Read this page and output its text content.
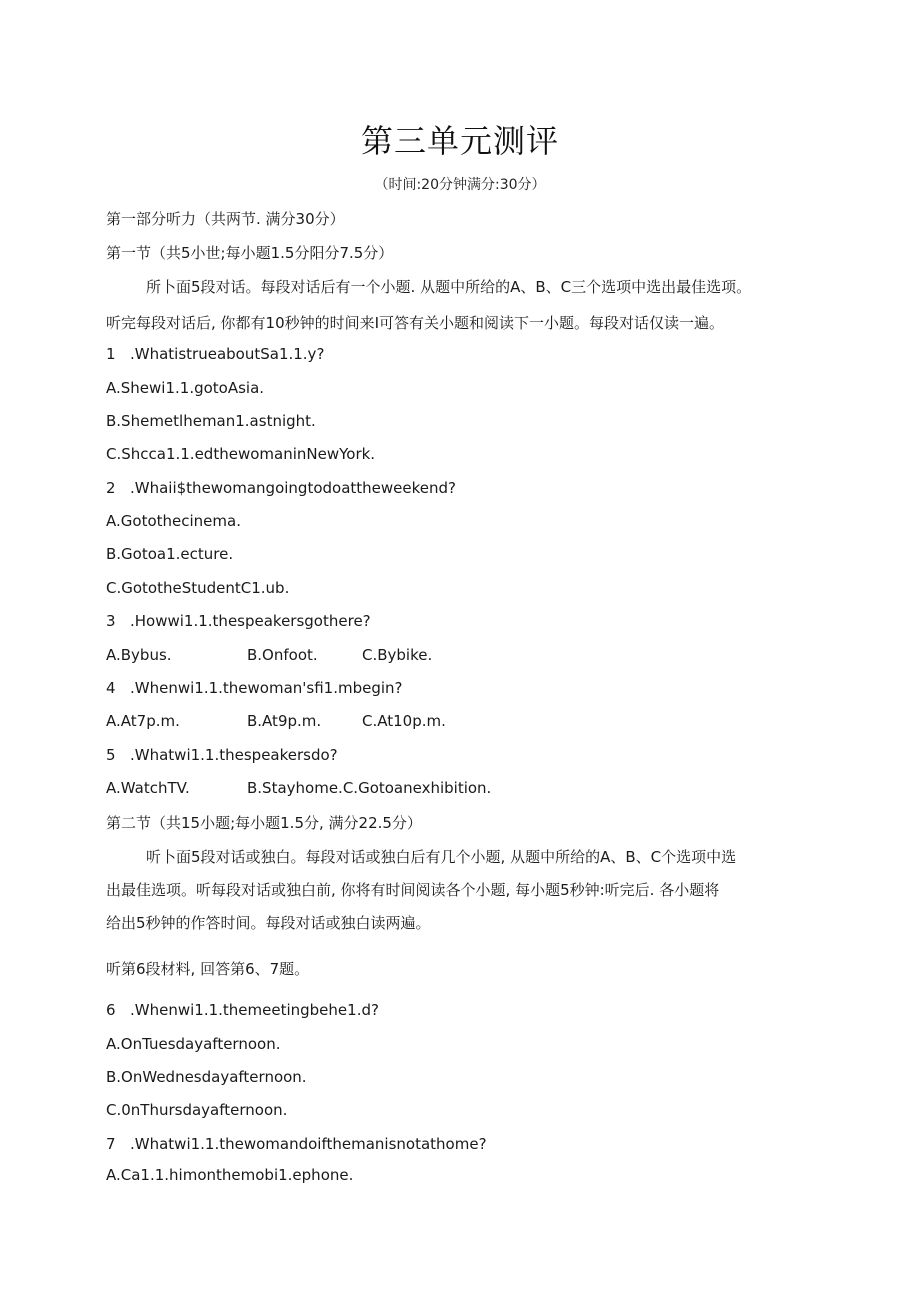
第三单元测评
（时间:20分钟满分:30分）
第一部分听力（共两节. 满分30分）
第一节（共5小世;每小题1.5分阳分7.5分）
所卜面5段对话。每段对话后有一个小题. 从题中所给的A、B、C三个选项中选出最佳选项。
听完每段对话后, 你都有10秒钟的时间来I可答有关小题和阅读下一小题。每段对话仅读一遍。
1 .WhatistrueaboutSa1.1.y?
A.Shewi1.1.gotoAsia.
B.Shemetlheman1.astnight.
C.Shcca1.1.edthewomaninNewYork.
2 .Whaii$thewomangoingtodoattheweekend?
A.Gotothecinema.
B.Gotoa1.ecture.
C.GototheStudentC1.ub.
3 .Howwi1.1.thespeakersgothere?
A.Bybus.	B.Onfoot.	C.Bybike.
4 .Whenwi1.1.thewoman'sfi1.mbegin?
A.At7p.m.	B.At9p.m.	C.At10p.m.
5 .Whatwi1.1.thespeakersdo?
A.WatchTV.	B.Stayhome.C.Gotoanexhibition.
第二节（共15小题;每小题1.5分, 满分22.5分）
听卜面5段对话或独白。每段对话或独白后有几个小题, 从题中所给的A、B、C个选项中选
出最佳选项。听每段对话或独白前, 你将有时间阅读各个小题, 每小题5秒钟:听完后. 各小题将
给出5秒钟的作答时间。每段对话或独白读两遍。
听第6段材料, 回答第6、7题。
6 .Whenwi1.1.themeetingbehe1.d?
A.OnTuesdayafternoon.
B.OnWednesdayafternoon.
C.0nThursdayafternoon.
7 .Whatwi1.1.thewomandoifthemanisnotathome?
A.Ca1.1.himonthemobi1.ephone.
